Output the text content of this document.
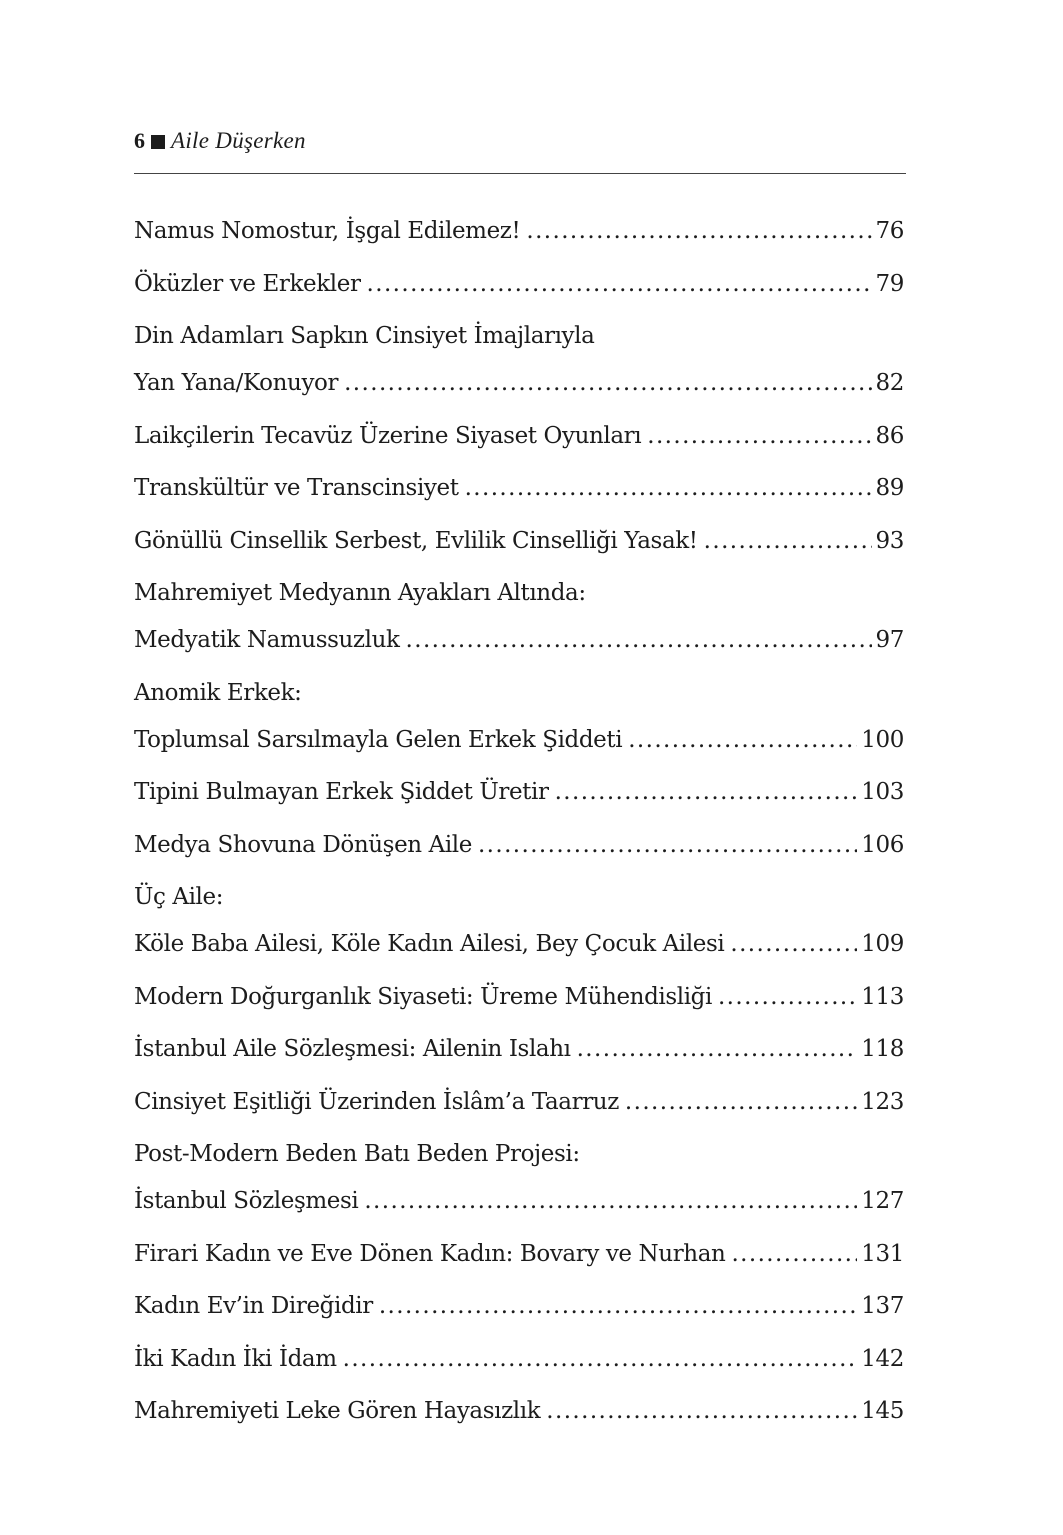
6 Aile Düşerken
Namus Nomostur, İşgal Edilemez! .....	76
Öküzler ve Erkekler .....	79
Din Adamları Sapkın Cinsiyet İmajlarıyla
Yan Yana/Konuyor .....	82
Laikçilerin Tecavüz Üzerine Siyaset Oyunları .....	86
Transkültür ve Transcinsiyet .....	89
Gönüllü Cinsellik Serbest, Evlilik Cinselliği Yasak! .....	93
Mahremiyet Medyanın Ayakları Altında:
Medyatik Namussuzluk .....	97
Anomik Erkek:
Toplumsal Sarsılmayla Gelen Erkek Şiddeti .....	100
Tipini Bulmayan Erkek Şiddet Üretir .....	103
Medya Shovuna Dönüşen Aile .....	106
Üç Aile:
Köle Baba Ailesi, Köle Kadın Ailesi, Bey Çocuk Ailesi .....	109
Modern Doğurganlık Siyaseti: Üreme Mühendisliği .....	113
İstanbul Aile Sözleşmesi: Ailenin Islahı .....	118
Cinsiyet Eşitliği Üzerinden İslâm’a Taarruz .....	123
Post-Modern Beden Batı Beden Projesi:
İstanbul Sözleşmesi .....	127
Firari Kadın ve Eve Dönen Kadın: Bovary ve Nurhan .....	131
Kadın Ev’in Direğidir .....	137
İki Kadın İki İdam .....	142
Mahremiyeti Leke Gören Hayasızlık .....	145
